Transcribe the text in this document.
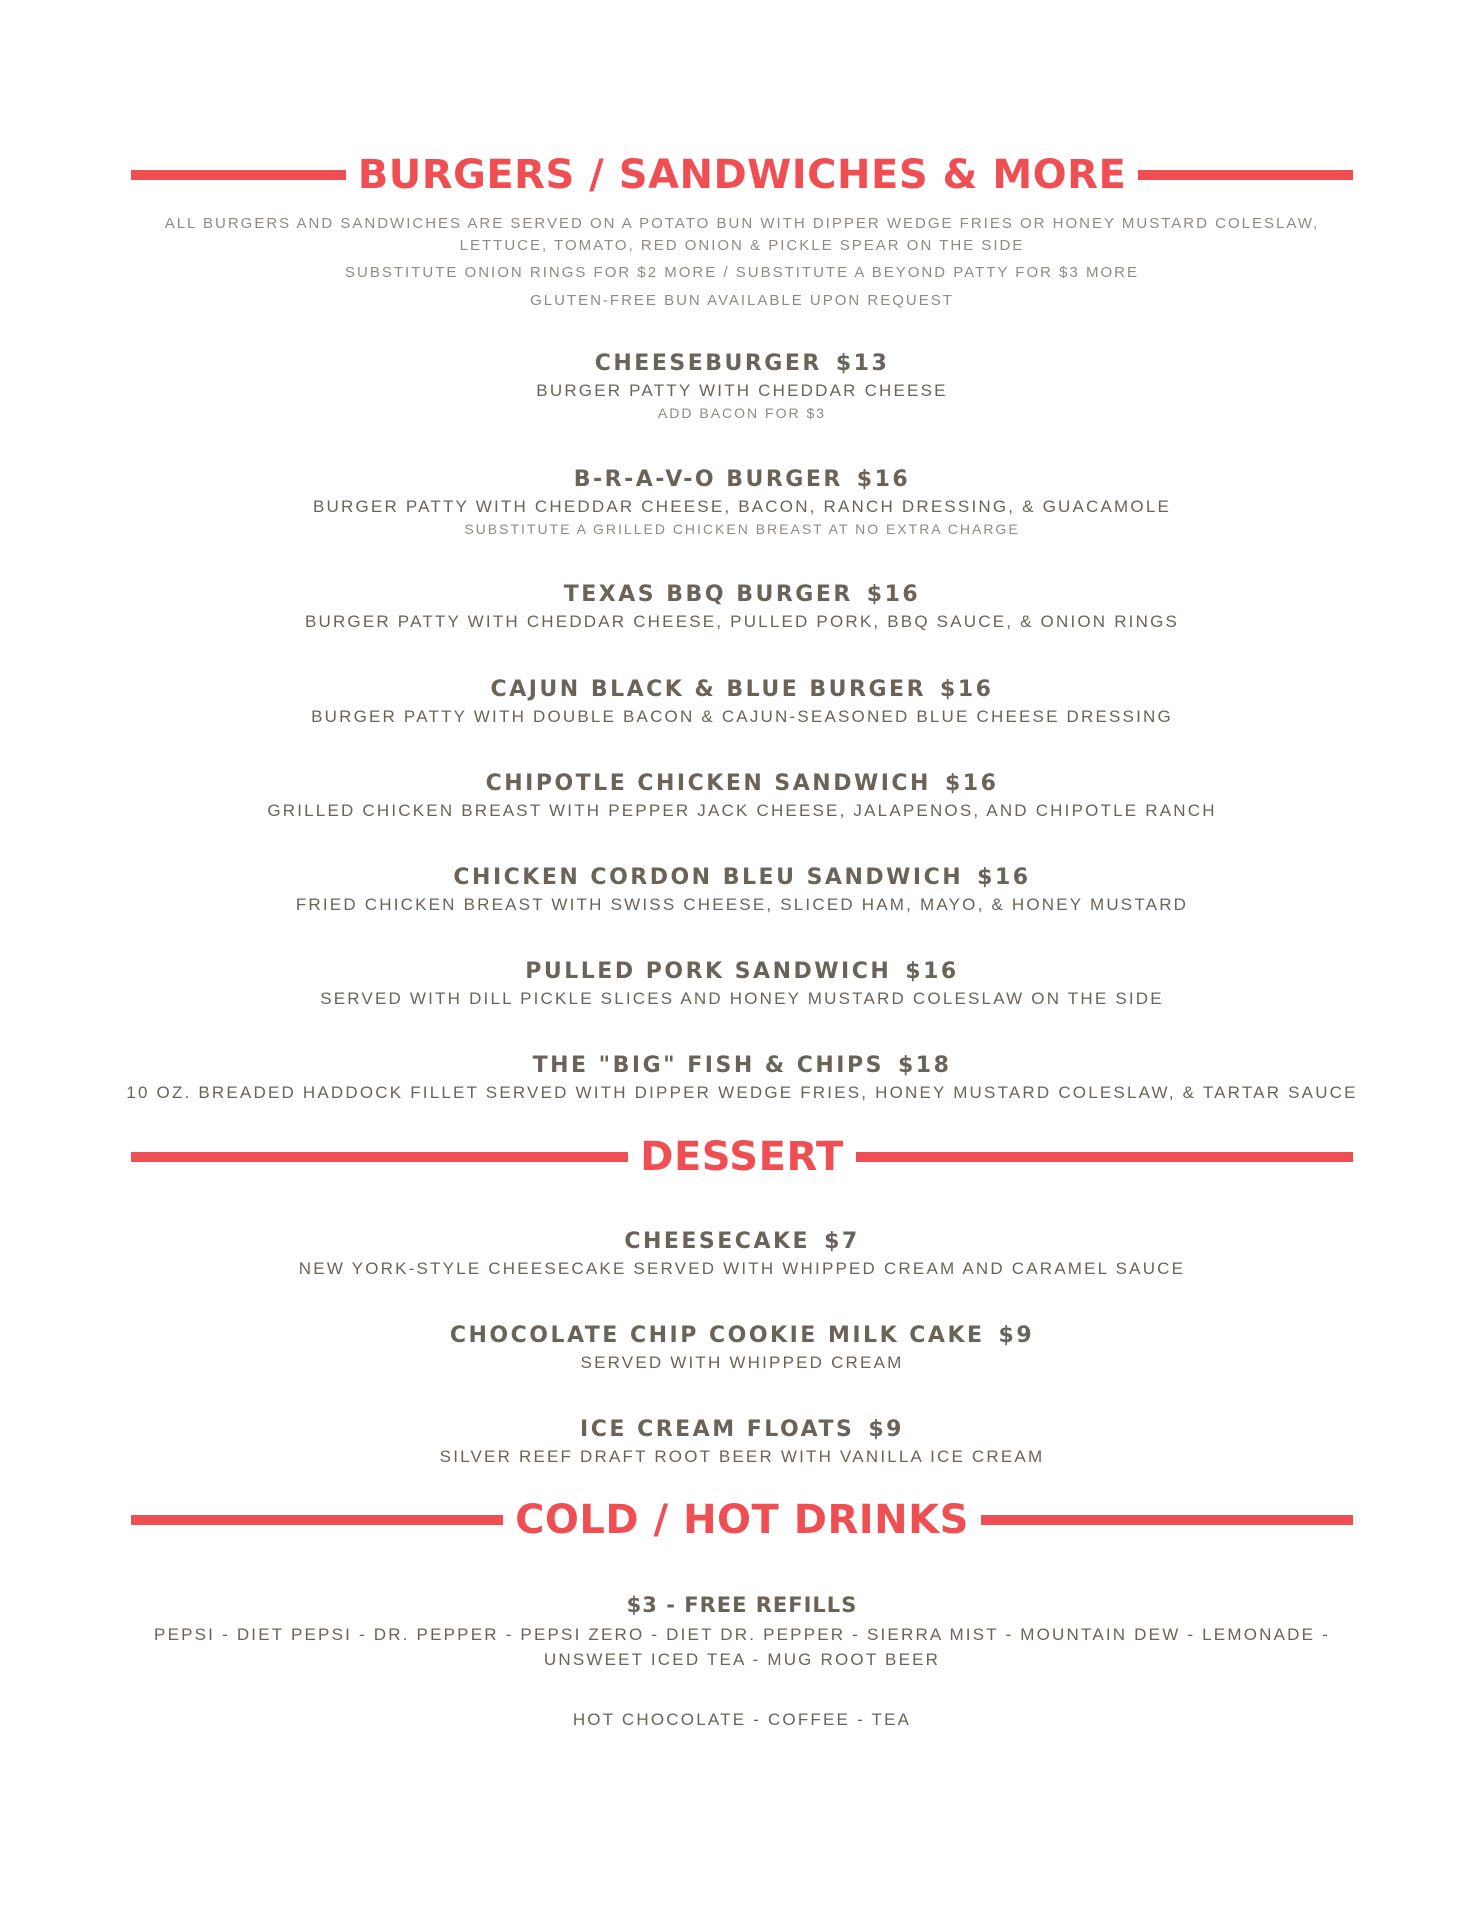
BURGERS / SANDWICHES & MORE
ALL BURGERS AND SANDWICHES ARE SERVED ON A POTATO BUN WITH DIPPER WEDGE FRIES OR HONEY MUSTARD COLESLAW,
LETTUCE, TOMATO, RED ONION & PICKLE SPEAR ON THE SIDE
SUBSTITUTE ONION RINGS FOR $2 MORE / SUBSTITUTE A BEYOND PATTY FOR $3 MORE
GLUTEN-FREE BUN AVAILABLE UPON REQUEST
CHEESEBURGER $13
BURGER PATTY WITH CHEDDAR CHEESE
ADD BACON FOR $3
B-R-A-V-O BURGER $16
BURGER PATTY WITH CHEDDAR CHEESE, BACON, RANCH DRESSING, & GUACAMOLE
SUBSTITUTE A GRILLED CHICKEN BREAST AT NO EXTRA CHARGE
TEXAS BBQ BURGER $16
BURGER PATTY WITH CHEDDAR CHEESE, PULLED PORK, BBQ SAUCE, & ONION RINGS
CAJUN BLACK & BLUE BURGER $16
BURGER PATTY WITH DOUBLE BACON & CAJUN-SEASONED BLUE CHEESE DRESSING
CHIPOTLE CHICKEN SANDWICH $16
GRILLED CHICKEN BREAST WITH PEPPER JACK CHEESE, JALAPENOS, AND CHIPOTLE RANCH
CHICKEN CORDON BLEU SANDWICH $16
FRIED CHICKEN BREAST WITH SWISS CHEESE, SLICED HAM, MAYO, & HONEY MUSTARD
PULLED PORK SANDWICH $16
SERVED WITH DILL PICKLE SLICES AND HONEY MUSTARD COLESLAW ON THE SIDE
THE "BIG" FISH & CHIPS $18
10 OZ. BREADED HADDOCK FILLET SERVED WITH DIPPER WEDGE FRIES, HONEY MUSTARD COLESLAW, & TARTAR SAUCE
DESSERT
CHEESECAKE $7
NEW YORK-STYLE CHEESECAKE SERVED WITH WHIPPED CREAM AND CARAMEL SAUCE
CHOCOLATE CHIP COOKIE MILK CAKE $9
SERVED WITH WHIPPED CREAM
ICE CREAM FLOATS $9
SILVER REEF DRAFT ROOT BEER WITH VANILLA ICE CREAM
COLD / HOT DRINKS
$3 - FREE REFILLS
PEPSI - DIET PEPSI - DR. PEPPER - PEPSI ZERO - DIET DR. PEPPER - SIERRA MIST - MOUNTAIN DEW - LEMONADE -
UNSWEET ICED TEA - MUG ROOT BEER
HOT CHOCOLATE - COFFEE - TEA
